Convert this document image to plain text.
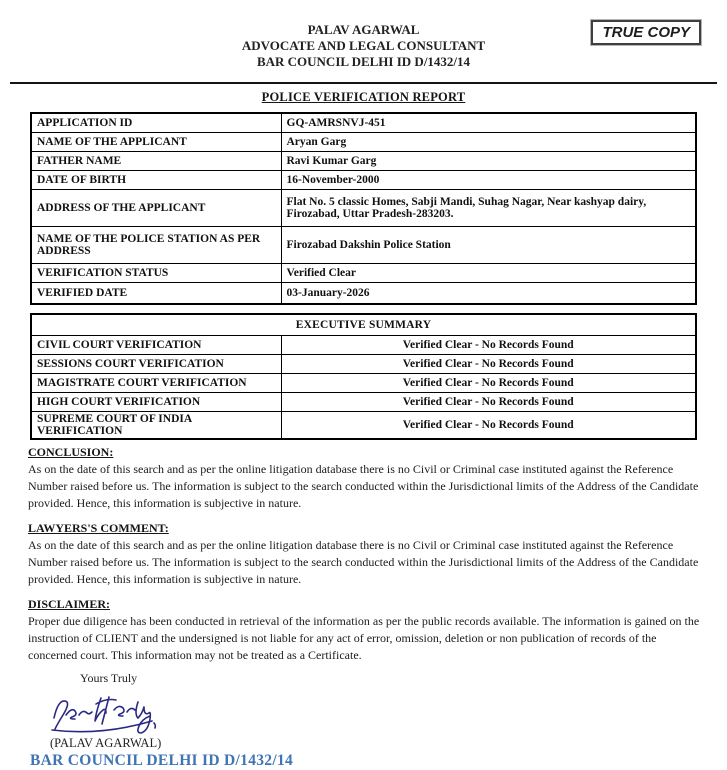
TRUE COPY
PALAV AGARWAL
ADVOCATE AND LEGAL CONSULTANT
BAR COUNCIL DELHI ID D/1432/14
POLICE VERIFICATION REPORT
APPLICATION ID	GQ-AMRSNVJ-451
NAME OF THE APPLICANT	Aryan Garg
FATHER NAME	Ravi Kumar Garg
DATE OF BIRTH	16-November-2000
ADDRESS OF THE APPLICANT	Flat No. 5 classic Homes, Sabji Mandi, Suhag Nagar, Near kashyap dairy, Firozabad, Uttar Pradesh-283203.
NAME OF THE POLICE STATION AS PER ADDRESS	Firozabad Dakshin Police Station
VERIFICATION STATUS	Verified Clear
VERIFIED DATE	03-January-2026
EXECUTIVE SUMMARY	
CIVIL COURT VERIFICATION	Verified Clear - No Records Found
SESSIONS COURT VERIFICATION	Verified Clear - No Records Found
MAGISTRATE COURT VERIFICATION	Verified Clear - No Records Found
HIGH COURT VERIFICATION	Verified Clear - No Records Found
SUPREME COURT OF INDIA VERIFICATION	Verified Clear - No Records Found
CONCLUSION:
As on the date of this search and as per the online litigation database there is no Civil or Criminal case instituted against the Reference Number raised before us. The information is subject to the search conducted within the Jurisdictional limits of the Address of the Candidate provided. Hence, this information is subjective in nature.
LAWYERS'S COMMENT:
As on the date of this search and as per the online litigation database there is no Civil or Criminal case instituted against the Reference Number raised before us. The information is subject to the search conducted within the Jurisdictional limits of the Address of the Candidate provided. Hence, this information is subjective in nature.
DISCLAIMER:
Proper due diligence has been conducted in retrieval of the information as per the public records available. The information is gained on the instruction of CLIENT and the undersigned is not liable for any act of error, omission, deletion or non publication of records of the concerned court. This information may not be treated as a Certificate.
Yours Truly
(PALAV AGARWAL)
BAR COUNCIL DELHI ID D/1432/14
